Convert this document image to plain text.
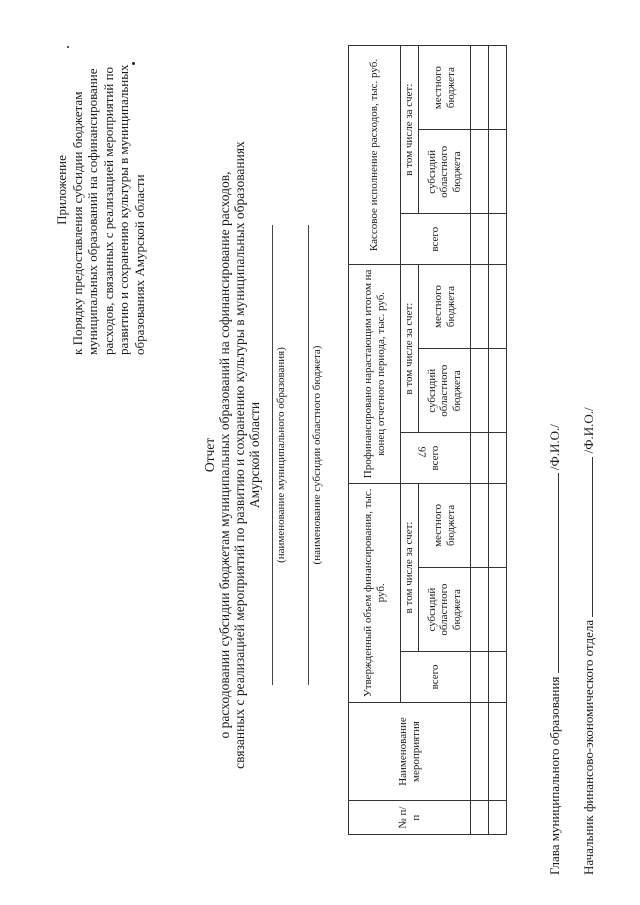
97
Приложение к Порядку предоставления субсидии бюджетам муниципальных образований на софинансирование расходов, связанных с реализацией мероприятий по развитию и сохранению культуры в муниципальных образованиях Амурской области
Отчет о расходовании субсидии бюджетам муниципальных образований на софинансирование расходов, связанных с реализацией мероприятий по развитию и сохранению культуры в муниципальных образованиях Амурской области (наименование муниципального образования) (наименование субсидии областного бюджета)
№ п/п	Наименование мероприятия	Утвержденный объем финансирования, тыс. руб.			Профинансировано нарастающим итогом на конец отчетного периода, тыс. руб.			Кассовое исполнение расходов, тыс. руб.		
		всего	в том числе за счет:		всего	в том числе за счет:		всего	в том числе за счет:	
			субсидий областного бюджета	местного бюджета		субсидий областного бюджета	местного бюджета		субсидий областного бюджета	местного бюджета

Глава муниципального образования  /Ф.И.О./
Начальник финансово-экономического отдела  /Ф.И.О./
